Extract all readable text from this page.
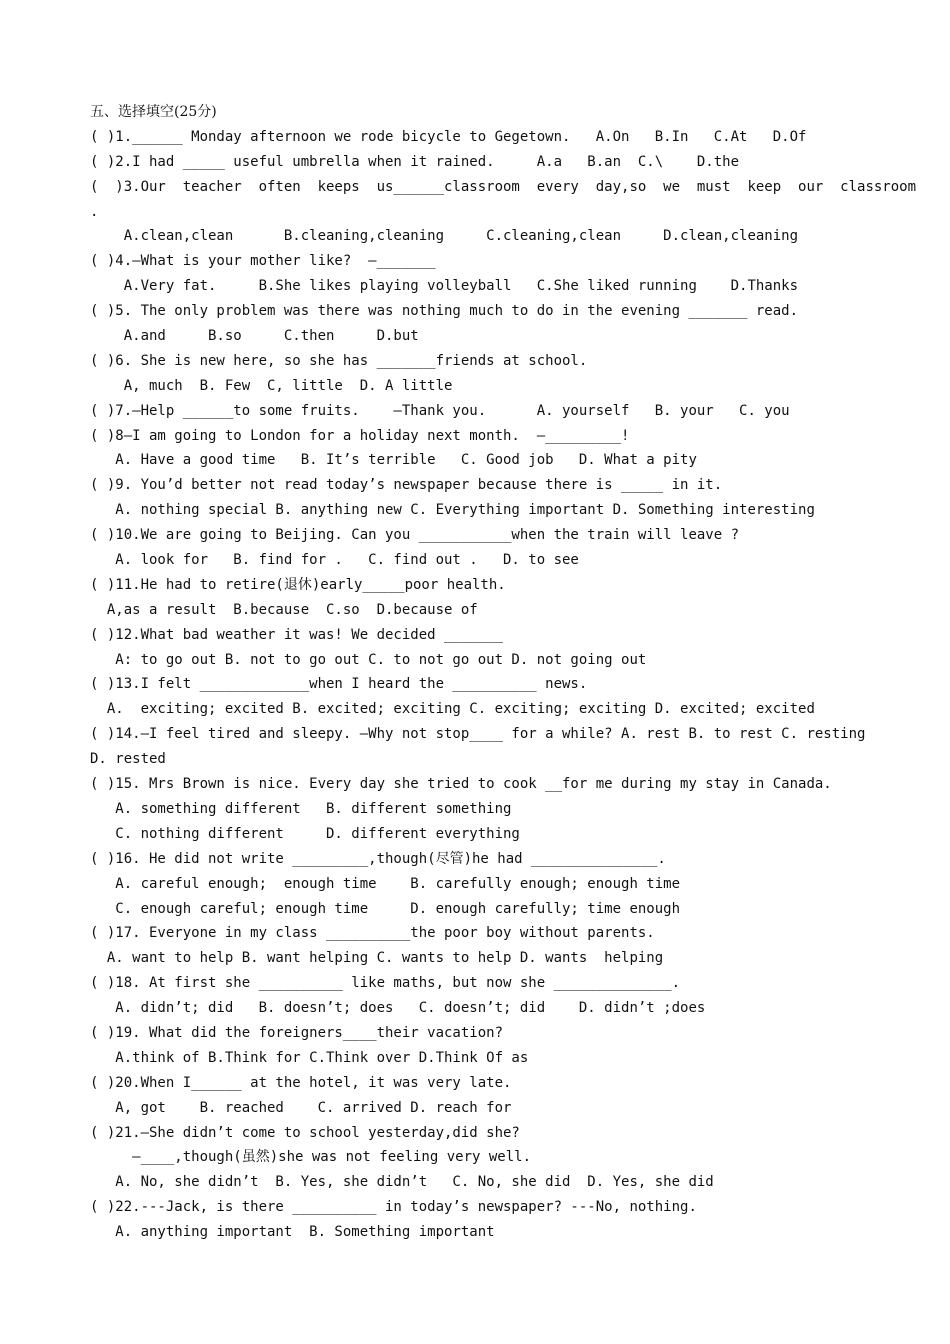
五、选择填空(25分)
( )1.______ Monday afternoon we rode bicycle to Gegetown.   A.On   B.In   C.At   D.Of
( )2.I had _____ useful umbrella when it rained.     A.a   B.an  C.\    D.the
(  )3.Our  teacher  often  keeps  us______classroom  every  day,so  we  must  keep  our  classroom
.
A.clean,clean      B.cleaning,cleaning     C.cleaning,clean     D.clean,cleaning
( )4.—What is your mother like?  —_______
A.Very fat.     B.She likes playing volleyball   C.She liked running    D.Thanks
( )5. The only problem was there was nothing much to do in the evening _______ read.
A.and     B.so     C.then     D.but
( )6. She is new here, so she has _______friends at school.
A, much  B. Few  C, little  D. A little
( )7.—Help ______to some fruits.    —Thank you.      A. yourself   B. your   C. you
( )8—I am going to London for a holiday next month.  —_________!
A. Have a good time   B. It’s terrible   C. Good job   D. What a pity
( )9. You’d better not read today’s newspaper because there is _____ in it.
A. nothing special B. anything new C. Everything important D. Something interesting
( )10.We are going to Beijing. Can you ___________when the train will leave ?
A. look for   B. find for .   C. find out .   D. to see
( )11.He had to retire(退休)early_____poor health.
A,as a result  B.because  C.so  D.because of
( )12.What bad weather it was! We decided _______
A: to go out B. not to go out C. to not go out D. not going out
( )13.I felt _____________when I heard the __________ news.
A.  exciting; excited B. excited; exciting C. exciting; exciting D. excited; excited
( )14.—I feel tired and sleepy. —Why not stop____ for a while? A. rest B. to rest C. resting
D. rested
( )15. Mrs Brown is nice. Every day she tried to cook __for me during my stay in Canada.
A. something different   B. different something
C. nothing different     D. different everything
( )16. He did not write _________,though(尽管)he had _______________.
A. careful enough;  enough time    B. carefully enough; enough time
C. enough careful; enough time     D. enough carefully; time enough
( )17. Everyone in my class __________the poor boy without parents.
A. want to help B. want helping C. wants to help D. wants  helping
( )18. At first she __________ like maths, but now she ______________.
A. didn’t; did   B. doesn’t; does   C. doesn’t; did    D. didn’t ;does
( )19. What did the foreigners____their vacation?
A.think of B.Think for C.Think over D.Think Of as
( )20.When I______ at the hotel, it was very late.
A, got    B. reached    C. arrived D. reach for
( )21.—She didn’t come to school yesterday,did she?
—____,though(虽然)she was not feeling very well.
A. No, she didn’t  B. Yes, she didn’t   C. No, she did  D. Yes, she did
( )22.---Jack, is there __________ in today’s newspaper? ---No, nothing.
A. anything important  B. Something important
